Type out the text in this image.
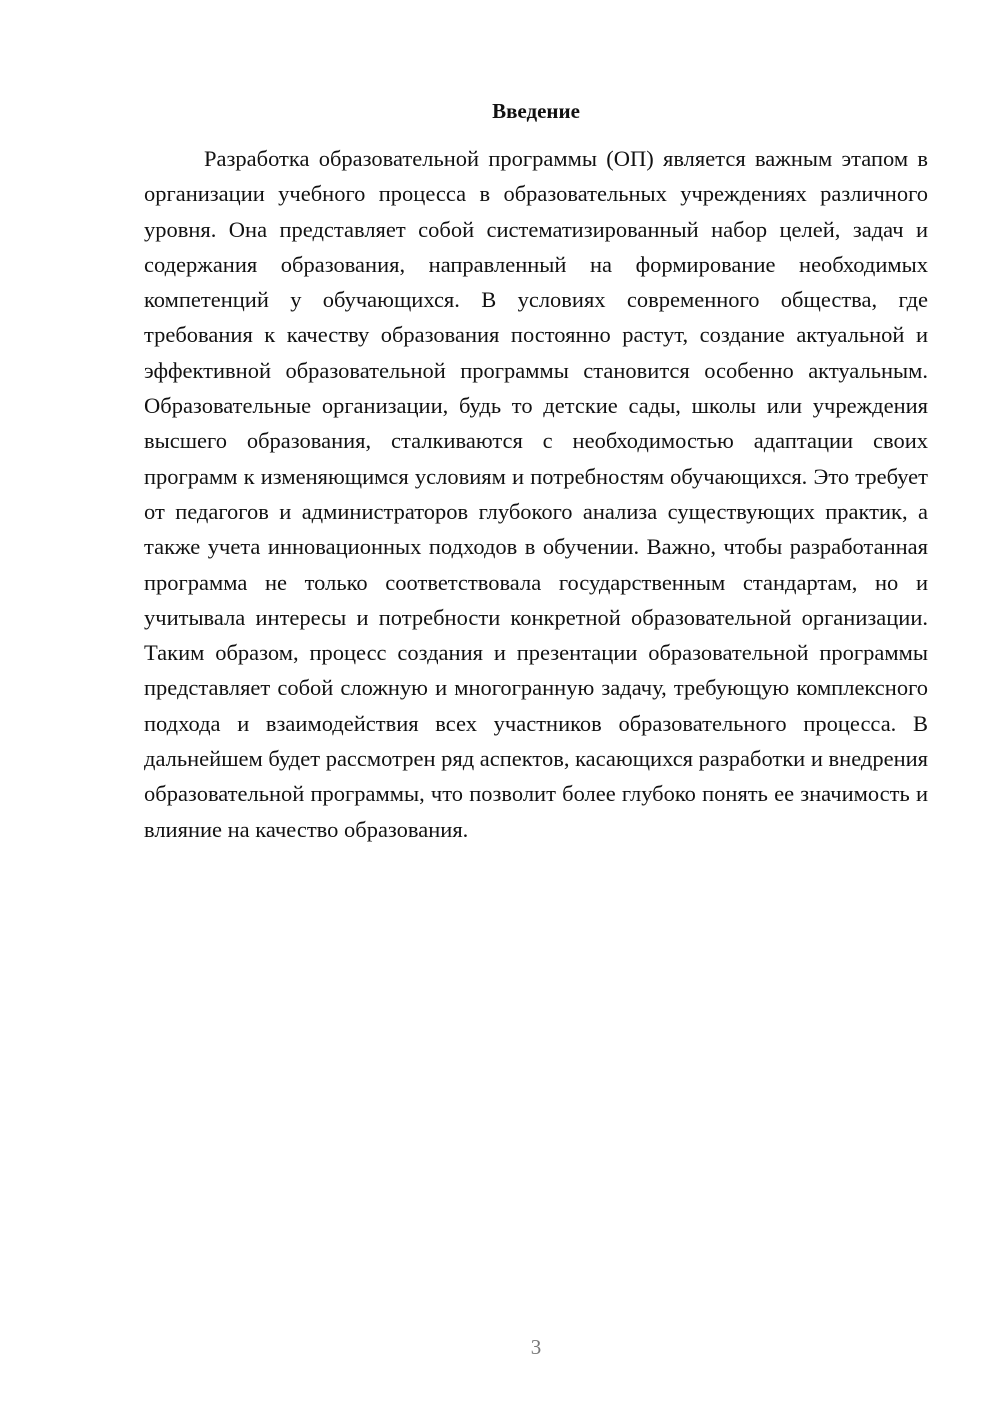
Введение

Разработка образовательной программы (ОП) является важным этапом в организации учебного процесса в образовательных учреждениях различного уровня. Она представляет собой систематизированный набор целей, задач и содержания образования, направленный на формирование необходимых компетенций у обучающихся. В условиях современного общества, где требования к качеству образования постоянно растут, создание актуальной и эффективной образовательной программы становится особенно актуальным. Образовательные организации, будь то детские сады, школы или учреждения высшего образования, сталкиваются с необходимостью адаптации своих программ к изменяющимся условиям и потребностям обучающихся. Это требует от педагогов и администраторов глубокого анализа существующих практик, а также учета инновационных подходов в обучении. Важно, чтобы разработанная программа не только соответствовала государственным стандартам, но и учитывала интересы и потребности конкретной образовательной организации. Таким образом, процесс создания и презентации образовательной программы представляет собой сложную и многогранную задачу, требующую комплексного подхода и взаимодействия всех участников образовательного процесса. В дальнейшем будет рассмотрен ряд аспектов, касающихся разработки и внедрения образовательной программы, что позволит более глубоко понять ее значимость и влияние на качество образования.

3
